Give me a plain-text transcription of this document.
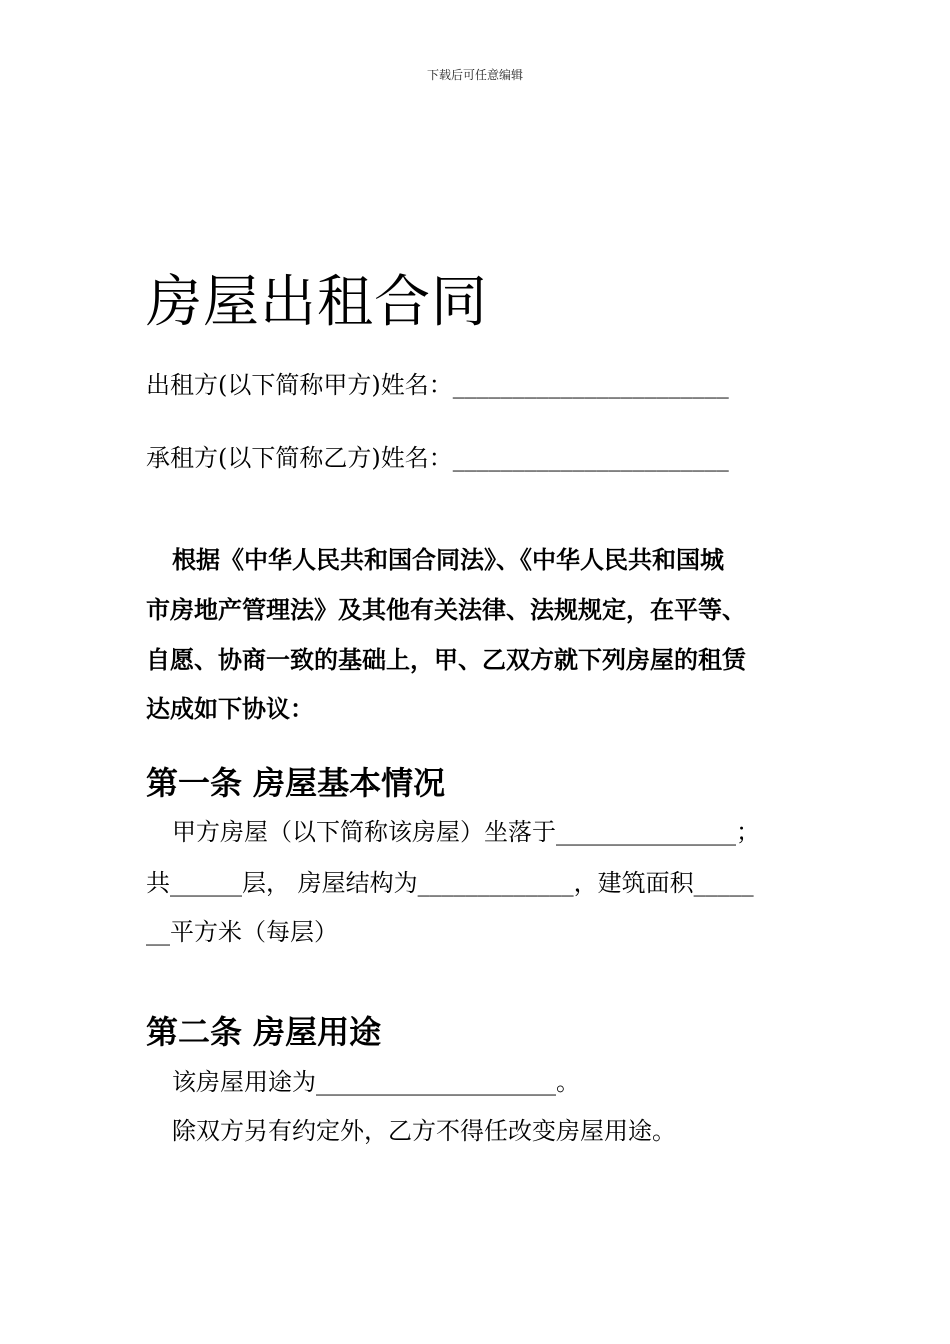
下载后可任意编辑
房屋出租合同
出租方(以下简称甲方)姓名：_______________________
承租方(以下简称乙方)姓名：_______________________
根据《中华人民共和国合同法》、《中华人民共和国城
市房地产管理法》及其他有关法律、法规规定，在平等、
自愿、协商一致的基础上，甲、乙双方就下列房屋的租赁
达成如下协议：
第一条 房屋基本情况
甲方房屋（以下简称该房屋）坐落于_______________；
共______层， 房屋结构为_____________，建筑面积_____
__平方米（每层）
第二条 房屋用途
该房屋用途为____________________。
除双方另有约定外，乙方不得任改变房屋用途。
